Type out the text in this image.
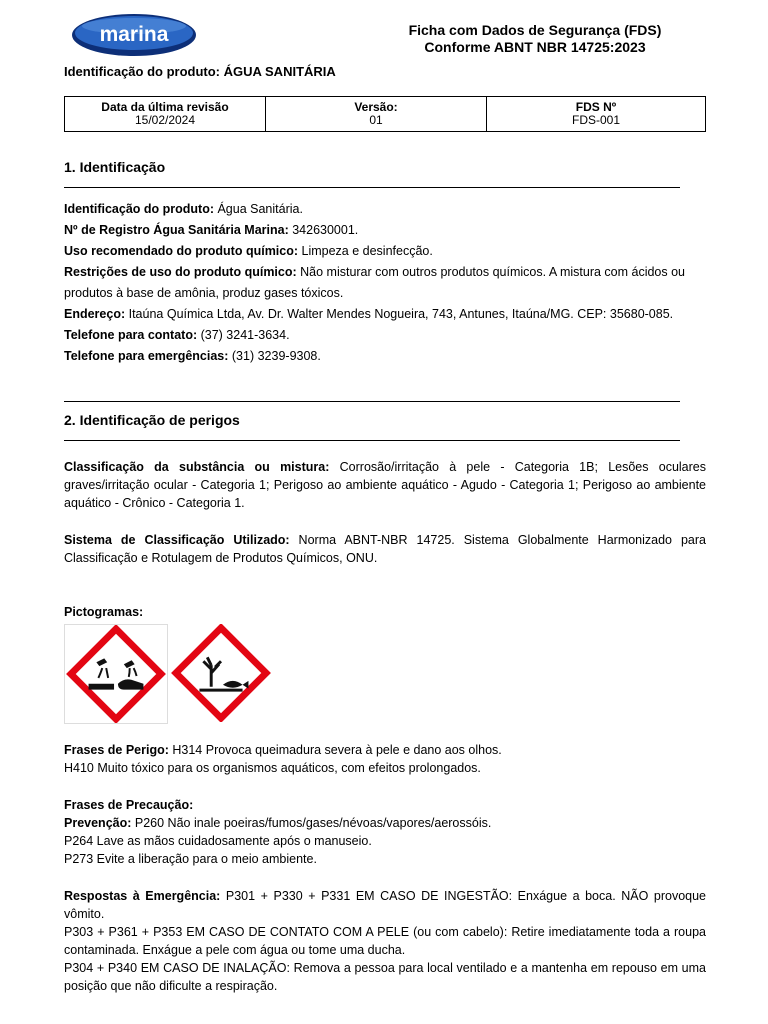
marina	Ficha com Dados de Segurança (FDS)
Conforme ABNT NBR 14725:2023
Identificação do produto: ÁGUA SANITÁRIA
Data da última revisão
15/02/2024

Versão:
01

FDS Nº
FDS-001
1. Identificação
Identificação do produto: Água Sanitária.
Nº de Registro Água Sanitária Marina: 342630001.
Uso recomendado do produto químico: Limpeza e desinfecção.
Restrições de uso do produto químico: Não misturar com outros produtos químicos. A mistura com ácidos ou produtos à base de amônia, produz gases tóxicos.
Endereço: Itaúna Química Ltda, Av. Dr. Walter Mendes Nogueira, 743, Antunes, Itaúna/MG. CEP: 35680-085.
Telefone para contato: (37) 3241-3634.
Telefone para emergências: (31) 3239-9308.
2. Identificação de perigos
Classificação da substância ou mistura: Corrosão/irritação à pele - Categoria 1B; Lesões oculares graves/irritação ocular - Categoria 1; Perigoso ao ambiente aquático - Agudo - Categoria 1; Perigoso ao ambiente aquático - Crônico - Categoria 1.
Sistema de Classificação Utilizado: Norma ABNT-NBR 14725. Sistema Globalmente Harmonizado para Classificação e Rotulagem de Produtos Químicos, ONU.
Pictogramas:
Frases de Perigo: H314 Provoca queimadura severa à pele e dano aos olhos.
H410 Muito tóxico para os organismos aquáticos, com efeitos prolongados.
Frases de Precaução:
Prevenção: P260 Não inale poeiras/fumos/gases/névoas/vapores/aerossóis.
P264 Lave as mãos cuidadosamente após o manuseio.
P273 Evite a liberação para o meio ambiente.
Respostas à Emergência: P301 + P330 + P331 EM CASO DE INGESTÃO: Enxágue a boca. NÃO provoque vômito.
P303 + P361 + P353 EM CASO DE CONTATO COM A PELE (ou com cabelo): Retire imediatamente toda a roupa contaminada. Enxágue a pele com água ou tome uma ducha.
P304 + P340 EM CASO DE INALAÇÃO: Remova a pessoa para local ventilado e a mantenha em repouso em uma posição que não dificulte a respiração.
